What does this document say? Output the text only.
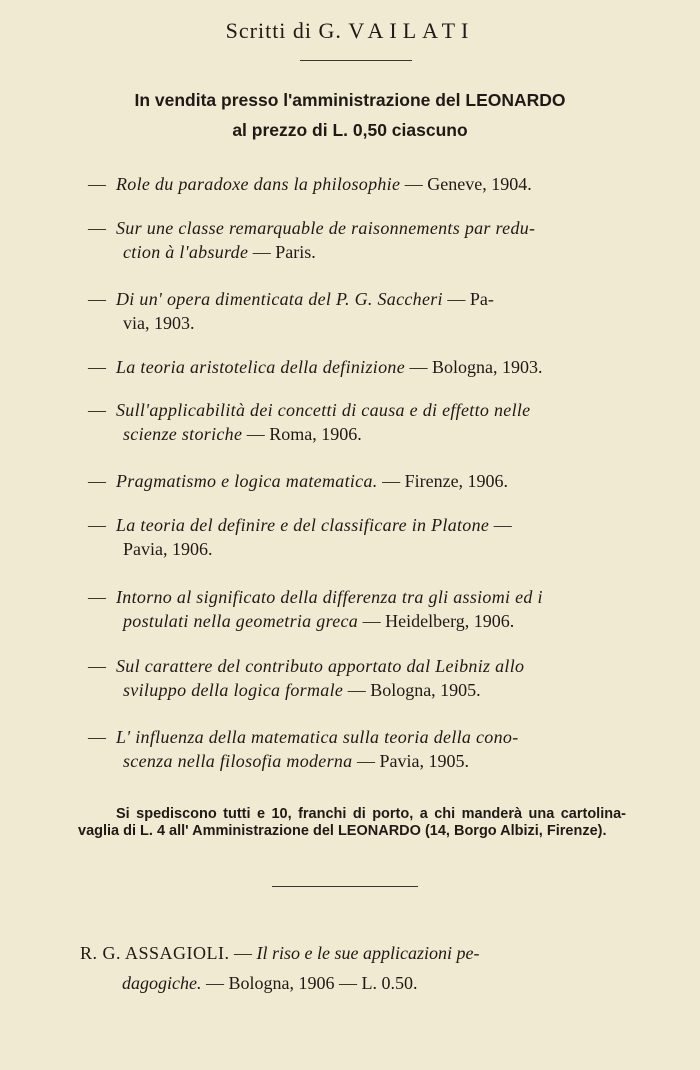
Scritti di G. VAILATI
In vendita presso l'amministrazione del LEONARDO
al prezzo di L. 0,50 ciascuno
— Role du paradoxe dans la philosophie — Geneve, 1904.
— Sur une classe remarquable de raisonnements par redu-
ction à l'absurde — Paris.
— Di un' opera dimenticata del P. G. Saccheri — Pa-
via, 1903.
— La teoria aristotelica della definizione — Bologna, 1903.
— Sull'applicabilità dei concetti di causa e di effetto nelle
scienze storiche — Roma, 1906.
— Pragmatismo e logica matematica. — Firenze, 1906.
— La teoria del definire e del classificare in Platone —
Pavia, 1906.
— Intorno al significato della differenza tra gli assiomi ed i
postulati nella geometria greca — Heidelberg, 1906.
— Sul carattere del contributo apportato dal Leibniz allo
sviluppo della logica formale — Bologna, 1905.
— L' influenza della matematica sulla teoria della cono-
scenza nella filosofia moderna — Pavia, 1905.
Si spediscono tutti e 10, franchi di porto, a chi manderà una cartolina-vaglia di L. 4 all' Amministrazione del LEONARDO (14, Borgo Albizi, Firenze).
R. G. ASSAGIOLI. — Il riso e le sue applicazioni pe-
dagogiche. — Bologna, 1906 — L. 0.50.
